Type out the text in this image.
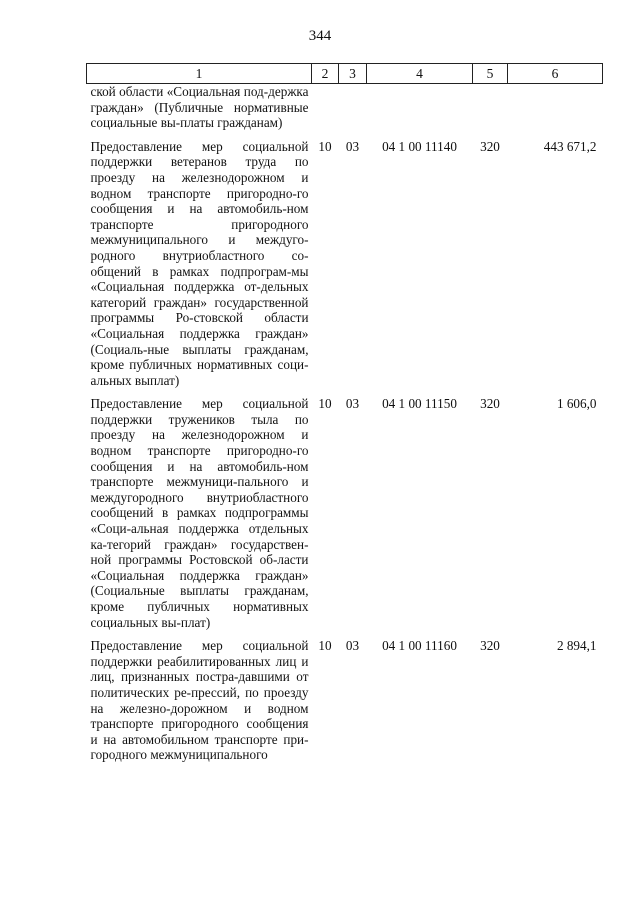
344
1	2	3	4	5	6
ской области «Социальная под-держка граждан» (Публичные нормативные социальные вы-платы гражданам)					
Предоставление мер социальной поддержки ветеранов труда по проезду на железнодорожном и водном транспорте пригородно-го сообщения и на автомобиль-ном транспорте пригородного межмуниципального и междуго-родного внутриобластного со-общений в рамках подпрограм-мы «Социальная поддержка от-дельных категорий граждан» государственной программы Ро-стовской области «Социальная поддержка граждан» (Социаль-ные выплаты гражданам, кроме публичных нормативных соци-альных выплат)	10	03	04 1 00 11140	320	443 671,2
Предоставление мер социальной поддержки тружеников тыла по проезду на железнодорожном и водном транспорте пригородно-го сообщения и на автомобиль-ном транспорте межмуници-пального и междугородного внутриобластного сообщений в рамках подпрограммы «Соци-альная поддержка отдельных ка-тегорий граждан» государствен-ной программы Ростовской об-ласти «Социальная поддержка граждан» (Социальные выплаты гражданам, кроме публичных нормативных социальных вы-плат)	10	03	04 1 00 11150	320	1 606,0
Предоставление мер социальной поддержки реабилитированных лиц и лиц, признанных постра-давшими от политических ре-прессий, по проезду на железно-дорожном и водном транспорте пригородного сообщения и на автомобильном транспорте при-городного межмуниципального	10	03	04 1 00 11160	320	2 894,1
